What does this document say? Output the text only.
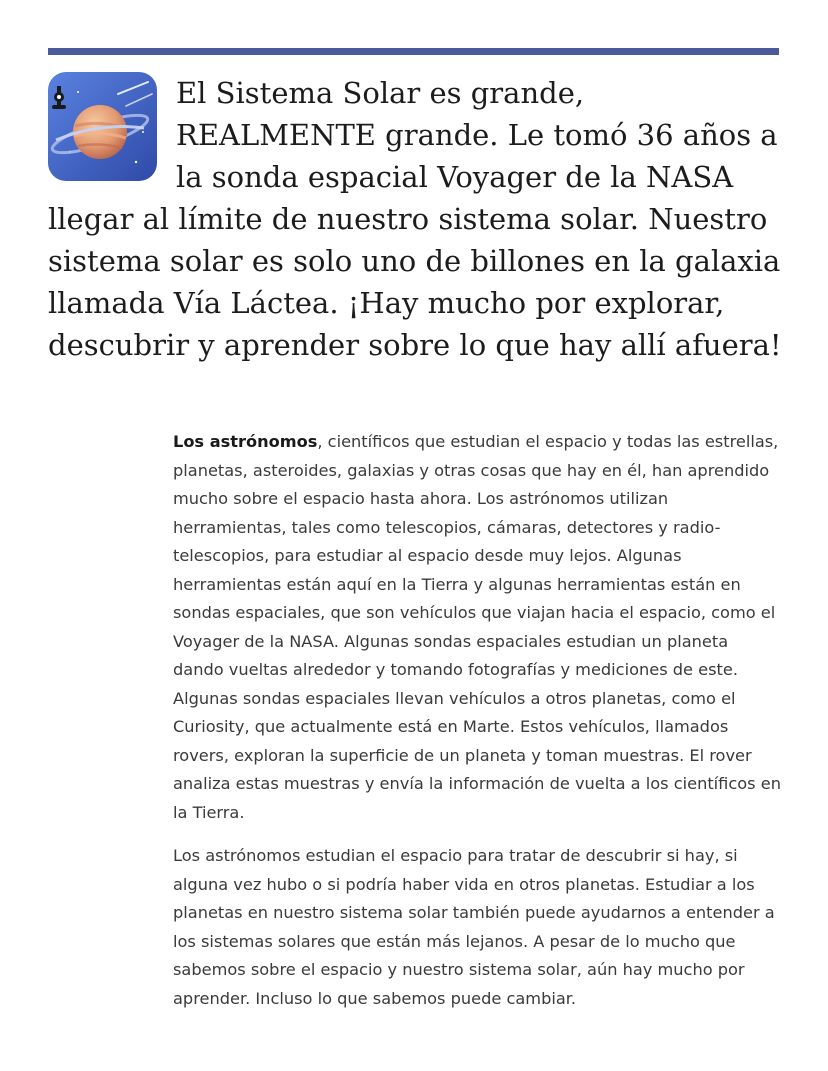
El Sistema Solar es grande, REALMENTE grande. Le tomó 36 años a la sonda espacial Voyager de la NASA llegar al límite de nuestro sistema solar. Nuestro sistema solar es solo uno de billones en la galaxia llamada Vía Láctea. ¡Hay mucho por explorar, descubrir y aprender sobre lo que hay allí afuera!

Los astrónomos, científicos que estudian el espacio y todas las estrellas, planetas, asteroides, galaxias y otras cosas que hay en él, han aprendido mucho sobre el espacio hasta ahora. Los astrónomos utilizan herramientas, tales como telescopios, cámaras, detectores y radio-telescopios, para estudiar al espacio desde muy lejos. Algunas herramientas están aquí en la Tierra y algunas herramientas están en sondas espaciales, que son vehículos que viajan hacia el espacio, como el Voyager de la NASA. Algunas sondas espaciales estudian un planeta dando vueltas alrededor y tomando fotografías y mediciones de este. Algunas sondas espaciales llevan vehículos a otros planetas, como el Curiosity, que actualmente está en Marte. Estos vehículos, llamados rovers, exploran la superficie de un planeta y toman muestras. El rover analiza estas muestras y envía la información de vuelta a los científicos en la Tierra.

Los astrónomos estudian el espacio para tratar de descubrir si hay, si alguna vez hubo o si podría haber vida en otros planetas. Estudiar a los planetas en nuestro sistema solar también puede ayudarnos a entender a los sistemas solares que están más lejanos. A pesar de lo mucho que sabemos sobre el espacio y nuestro sistema solar, aún hay mucho por aprender. Incluso lo que sabemos puede cambiar.
